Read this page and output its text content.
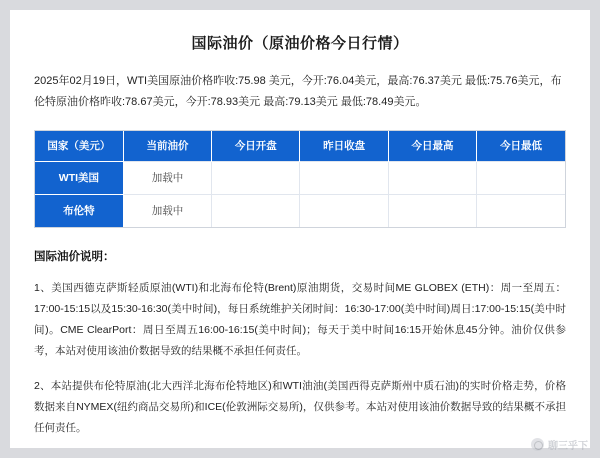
国际油价（原油价格今日行情）
2025年02月19日，WTI美国原油价格昨收:75.98 美元，今开:76.04美元，最高:76.37美元 最低:75.76美元，布伦特原油价格昨收:78.67美元，今开:78.93美元 最高:79.13美元 最低:78.49美元。
国家（美元）	当前油价	今日开盘	昨日收盘	今日最高	今日最低
WTI美国	加载中				
布伦特	加载中				
国际油价说明：
1、美国西德克萨斯轻质原油(WTI)和北海布伦特(Brent)原油期货，交易时间ME GLOBEX (ETH)：周一至周五：17:00-15:15以及15:30-16:30(美中时间)，每日系统维护关闭时间：16:30-17:00(美中时间)周日:17:00-15:15(美中时间)。CME ClearPort：周日至周五16:00-16:15(美中时间)；每天于美中时间16:15开始休息45分钟。油价仅供参考，本站对使用该油价数据导致的结果概不承担任何责任。
2、本站提供布伦特原油(北大西洋北海布伦特地区)和WTI油油(美国西得克萨斯州中质石油)的实时价格走势，价格数据来自NYMEX(纽约商品交易所)和ICE(伦敦洲际交易所)，仅供参考。本站对使用该油价数据导致的结果概不承担任何责任。
聊三乎下
